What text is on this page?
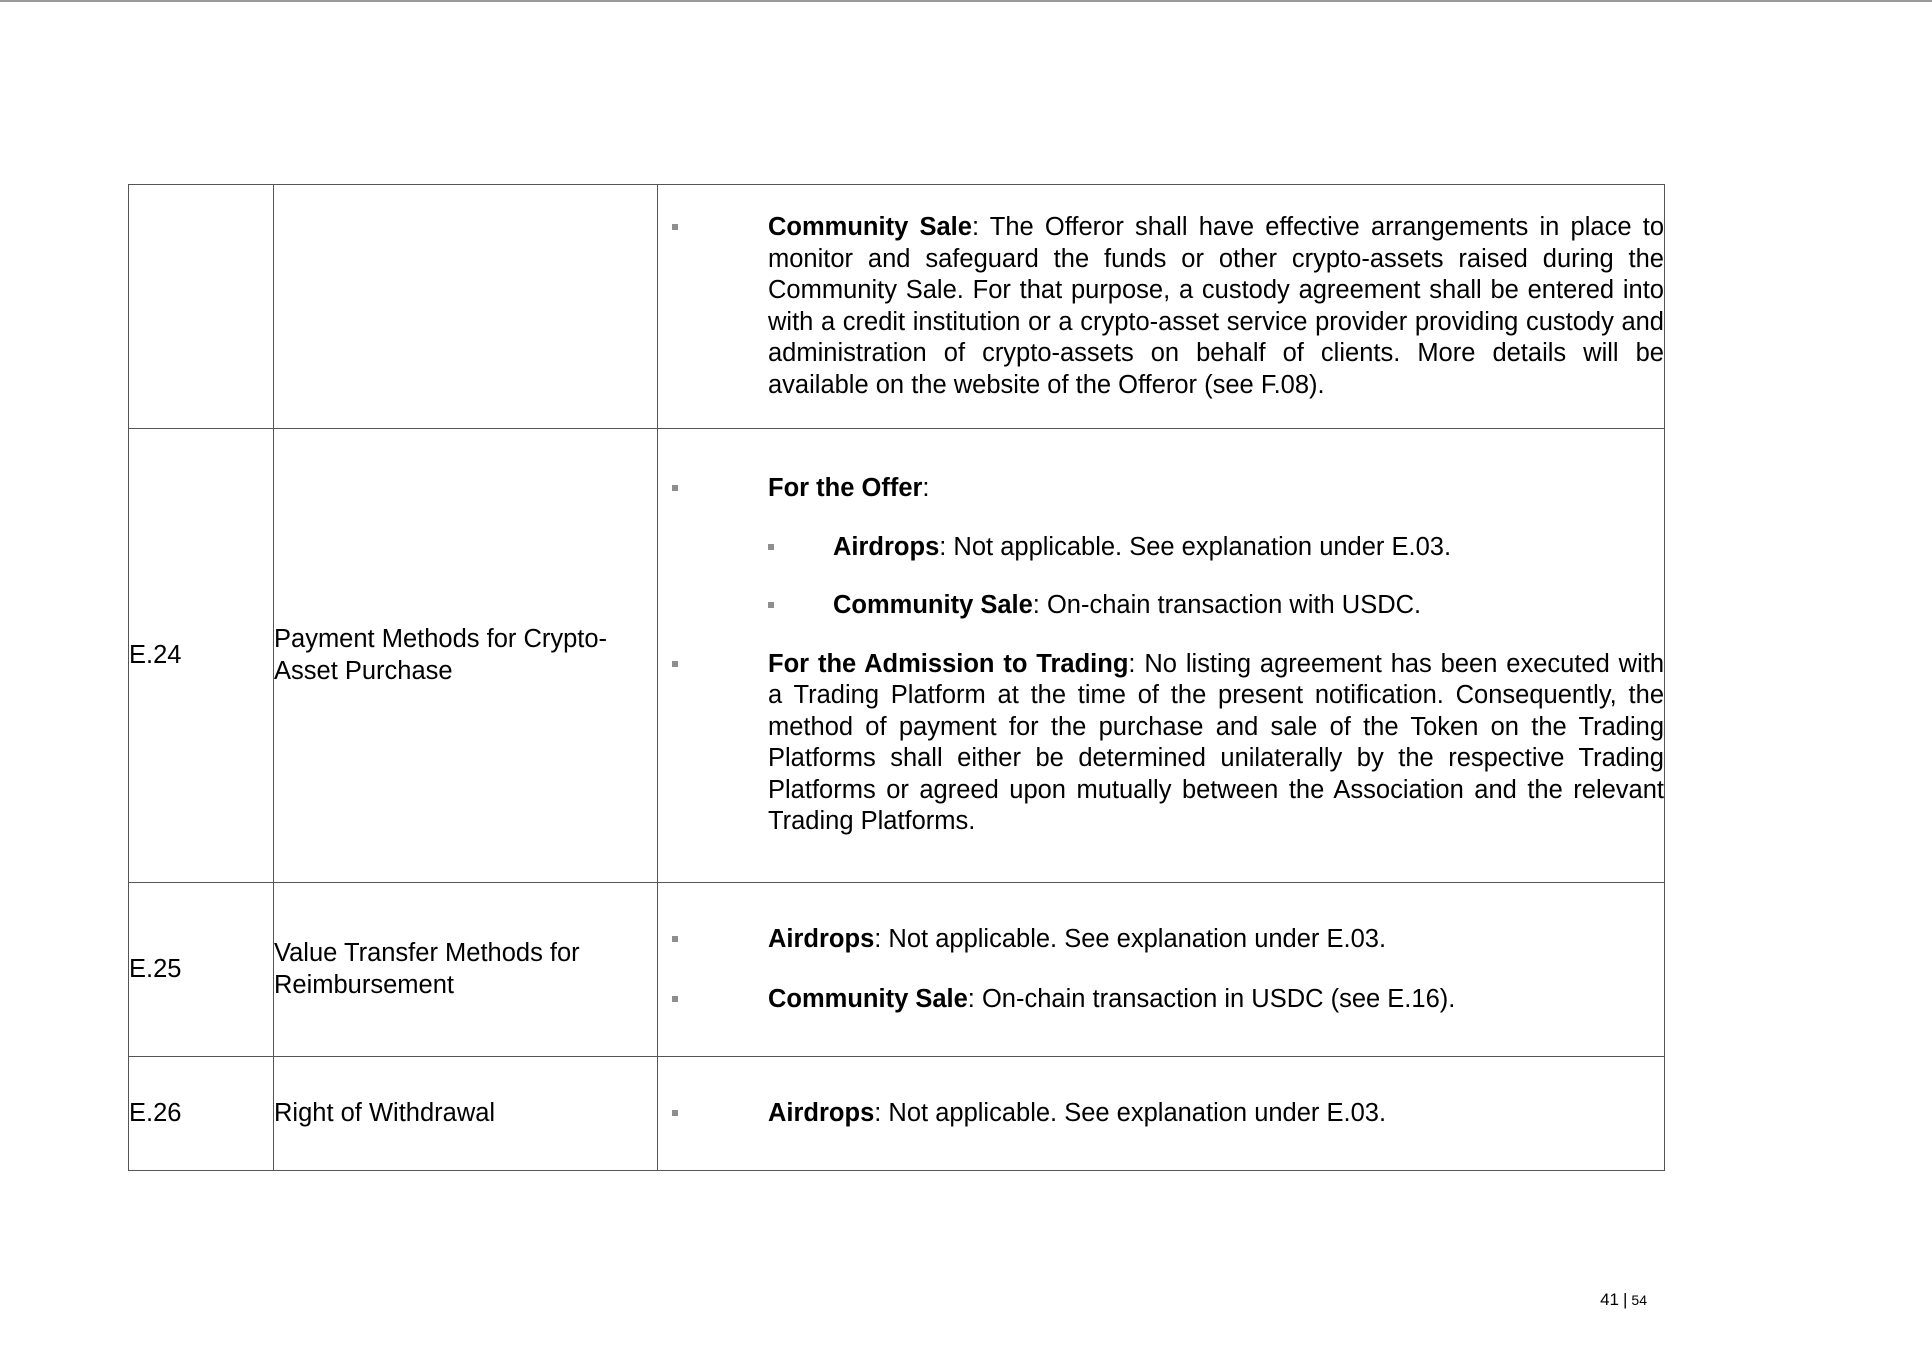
		Community Sale: The Offeror shall have effective arrangements in place to monitor and safeguard the funds or other crypto-assets raised during the Community Sale. For that purpose, a custody agreement shall be entered into with a credit institution or a crypto-asset service provider providing custody and administration of crypto-assets on behalf of clients. More details will be available on the website of the Offeror (see F.08).

E.24	Payment Methods for Crypto-Asset Purchase	For the Offer:
Airdrops: Not applicable. See explanation under E.03.
Community Sale: On-chain transaction with USDC.
For the Admission to Trading: No listing agreement has been executed with a Trading Platform at the time of the present notification. Consequently, the method of payment for the purchase and sale of the Token on the Trading Platforms shall either be determined unilaterally by the respective Trading Platforms or agreed upon mutually between the Association and the relevant Trading Platforms.

E.25	Value Transfer Methods for Reimbursement	Airdrops: Not applicable. See explanation under E.03.
Community Sale: On-chain transaction in USDC (see E.16).

E.26	Right of Withdrawal	Airdrops: Not applicable. See explanation under E.03.
41 | 54
